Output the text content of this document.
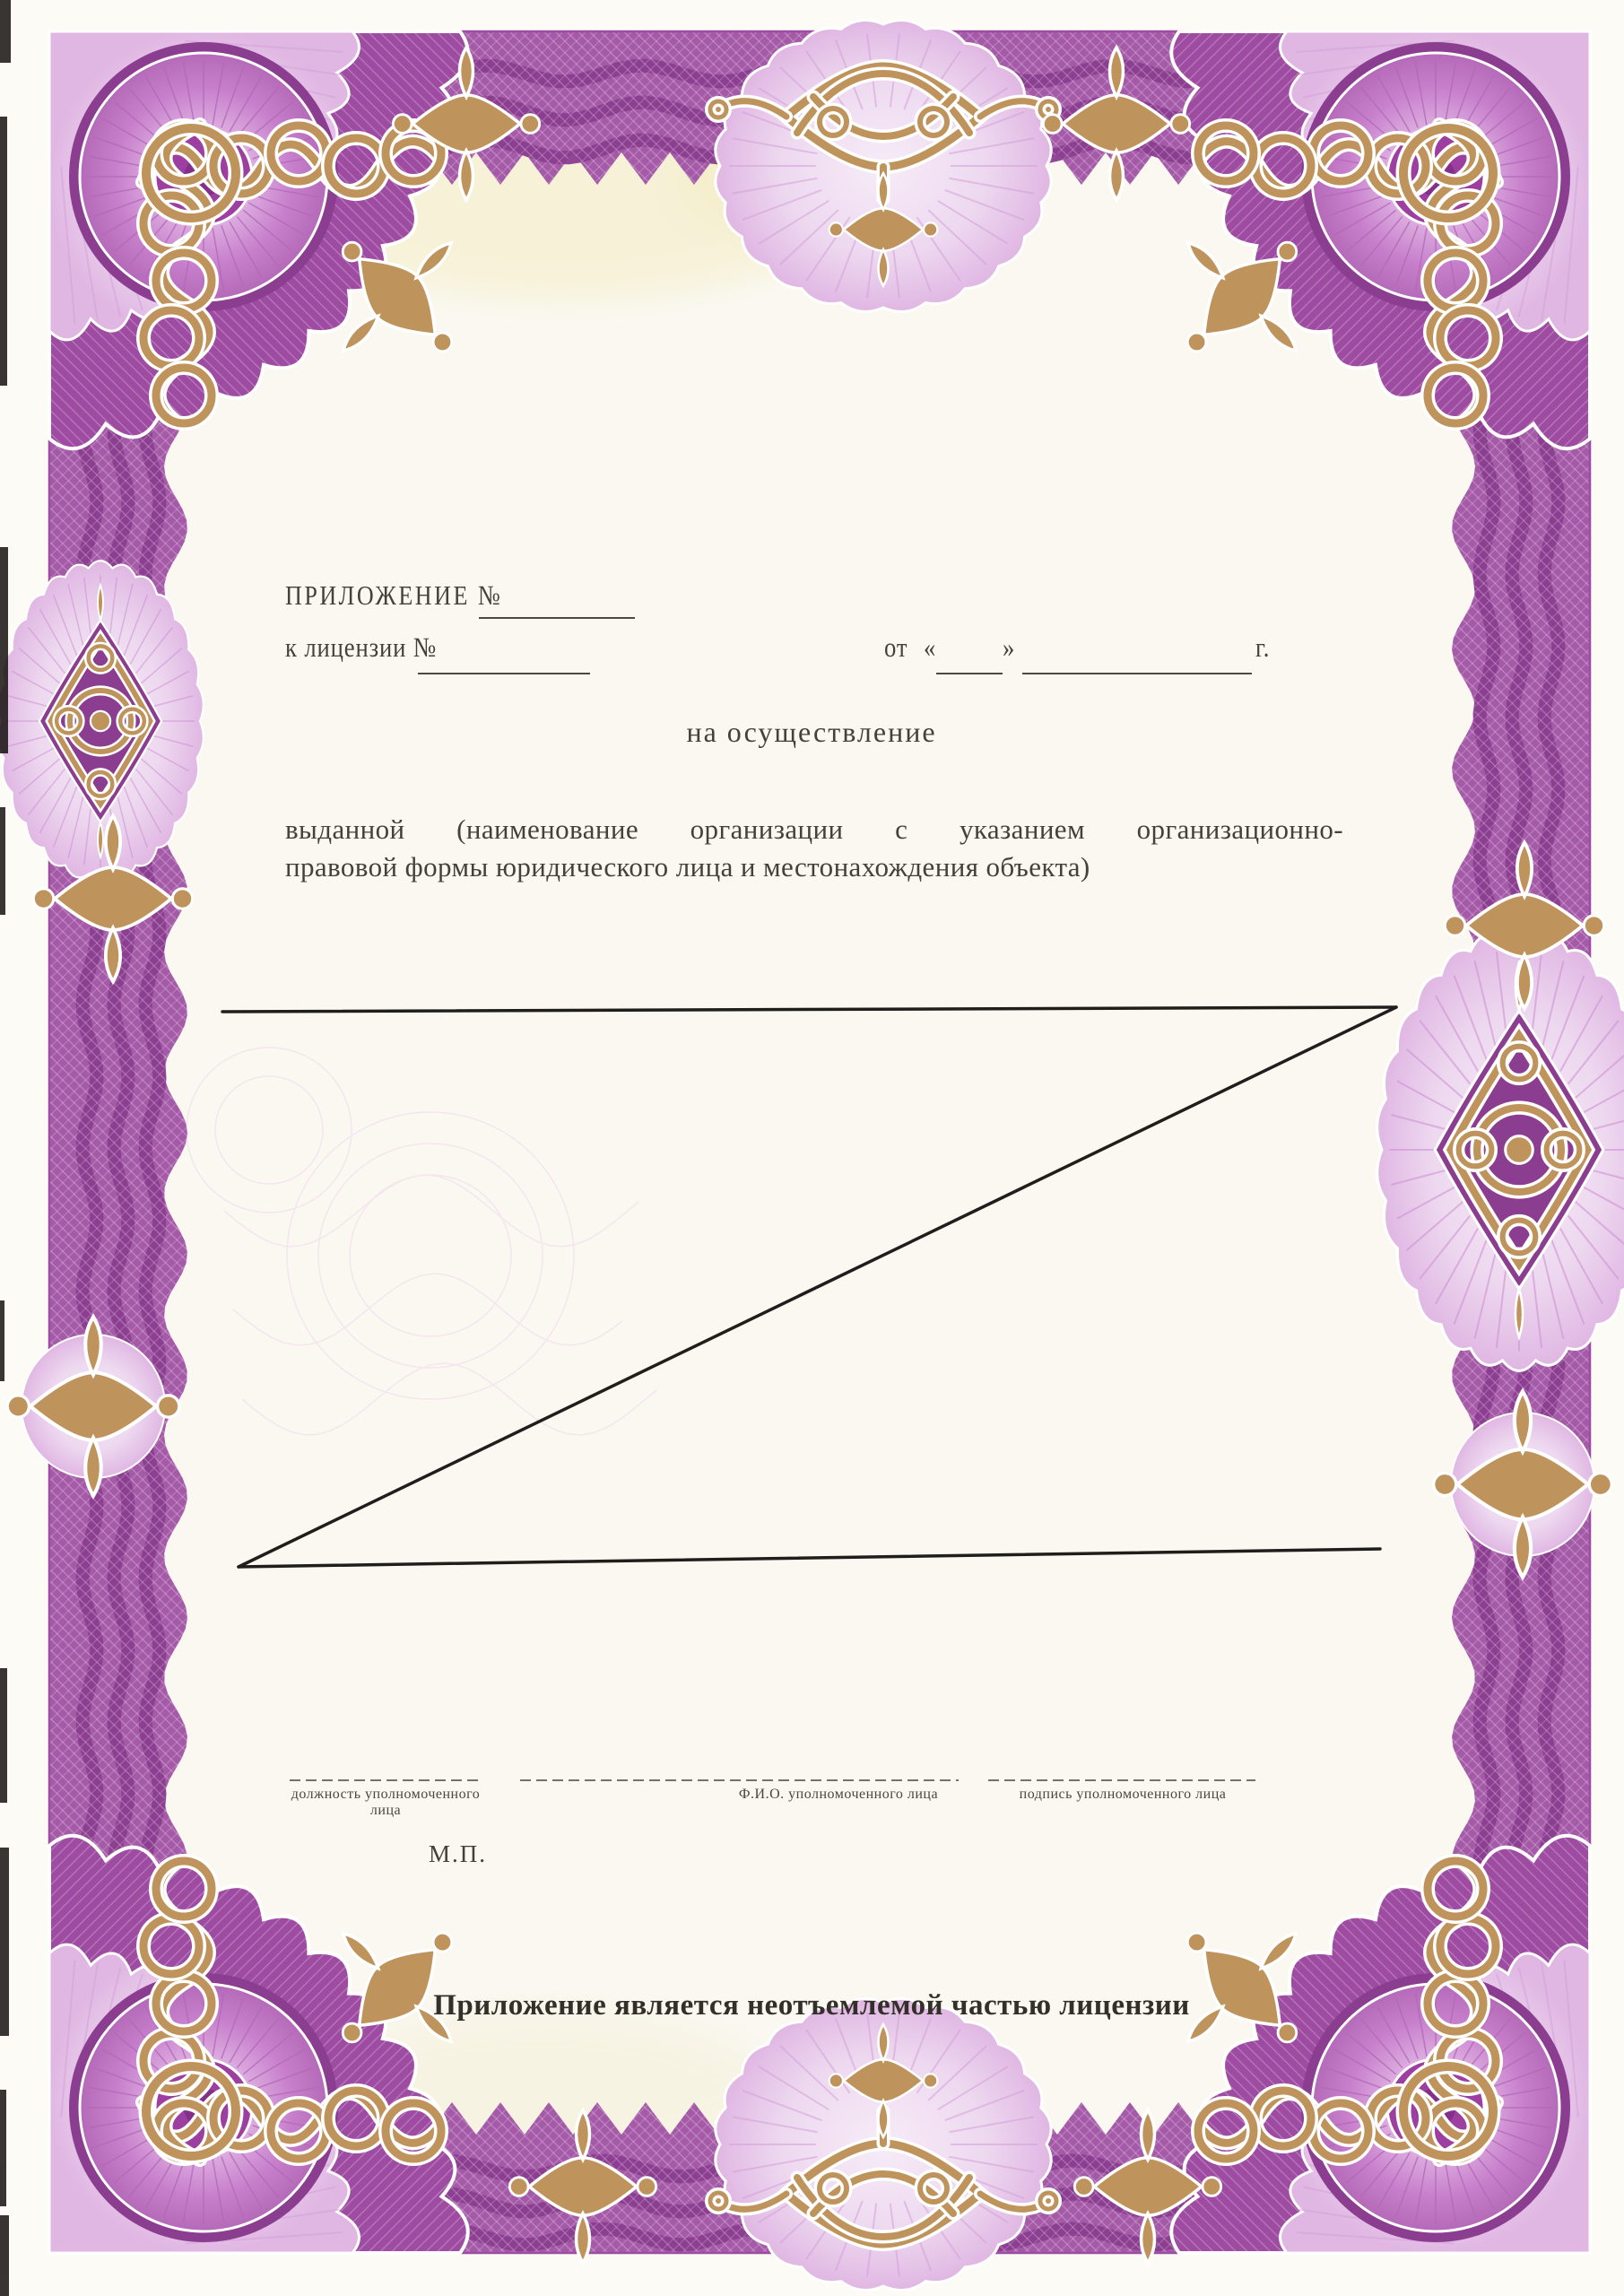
ПРИЛОЖЕНИЕ №
к лицензии №	от « »	г.
на осуществление
выданной (наименование организации с указанием организационно-
правовой формы юридического лица и местонахождения объекта)
должность уполномоченного лица
Ф.И.О. уполномоченного лица	подпись уполномоченного лица
М.П.
Приложение является неотъемлемой частью лицензии
